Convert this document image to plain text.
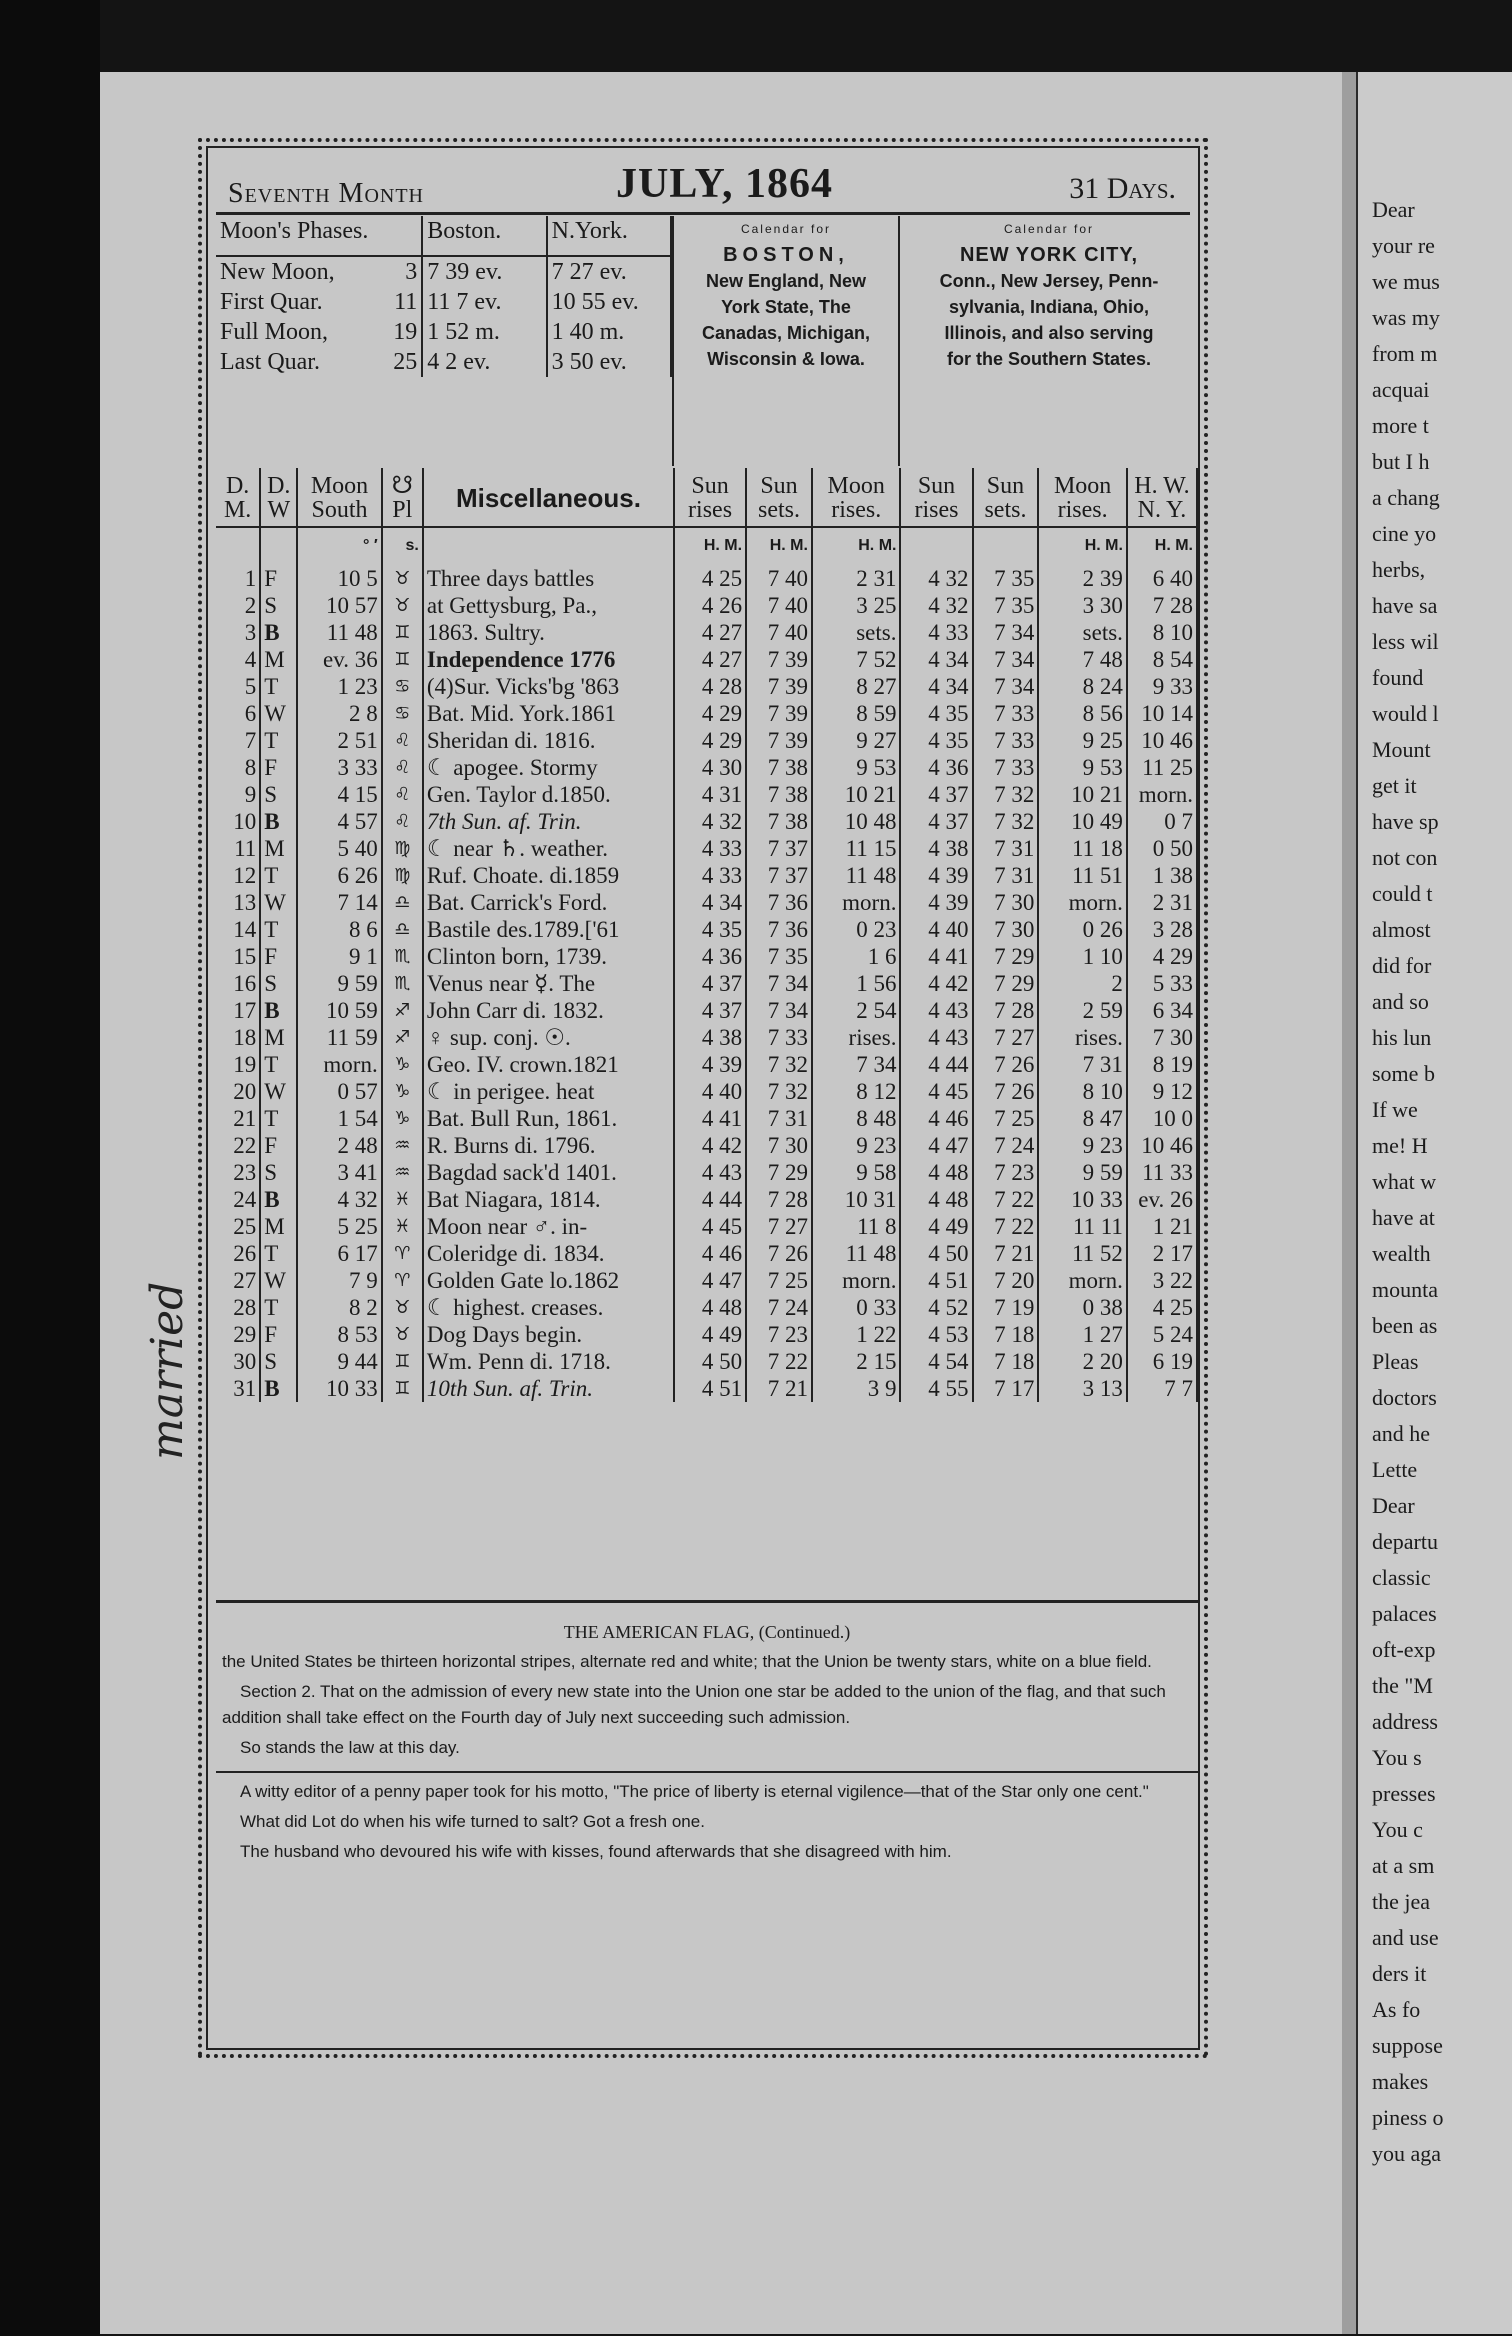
Dear
your re
we mus
was my
from m
acquai
more t
but I h
a chang
cine yo
herbs,
have sa
less wil
found
would l
Mount
get it
have sp
not con
could t
almost
did for
and so
his lun
some b
If we
me! H
what w
have at
wealth
mounta
been as
Pleas
doctors
and he
Lette
Dear
departu
classic
palaces
oft-exp
the "M
address
You s
presses
You c
at a sm
the jea
and use
ders it
As fo
suppose
makes
piness o
you aga
married
Seventh Month	JULY, 1864	31 Days.
Moon's Phases.	Boston.	N.York.
New Moon, 3	7 39 ev.	7 27 ev.
First Quar. 11	11 7 ev.	10 55 ev.
Full Moon, 19	1 52 m.	1 40 m.
Last Quar. 25	4 2 ev.	3 50 ev.
Calendar for
BOSTON,
New England, New
York State, The
Canadas, Michigan,
Wisconsin & Iowa.
Calendar for
NEW YORK CITY,
Conn., New Jersey, Penn-
sylvania, Indiana, Ohio,
Illinois, and also serving
for the Southern States.
D. M.	D. W	Moon South	☋ Pl	Miscellaneous.	Sun rises	Sun sets.	Moon rises.	Sun rises	Sun sets.	Moon rises.	H. W. N. Y.
		° ′	s.		H. M.	H. M.	H. M.			H. M.	H. M.
1	F	10 5	♉	Three days battles	4 25	7 40	2 31	4 32	7 35	2 39	6 40
2	S	10 57	♉	at Gettysburg, Pa.,	4 26	7 40	3 25	4 32	7 35	3 30	7 28
3	B	11 48	♊	1863. Sultry.	4 27	7 40	sets.	4 33	7 34	sets.	8 10
4	M	ev. 36	♊	Independence 1776	4 27	7 39	7 52	4 34	7 34	7 48	8 54
5	T	1 23	♋	(4)Sur. Vicks'bg '863	4 28	7 39	8 27	4 34	7 34	8 24	9 33
6	W	2 8	♋	Bat. Mid. York.1861	4 29	7 39	8 59	4 35	7 33	8 56	10 14
7	T	2 51	♌	Sheridan di. 1816.	4 29	7 39	9 27	4 35	7 33	9 25	10 46
8	F	3 33	♌	☾ apogee. Stormy	4 30	7 38	9 53	4 36	7 33	9 53	11 25
9	S	4 15	♌	Gen. Taylor d.1850.	4 31	7 38	10 21	4 37	7 32	10 21	morn.
10	B	4 57	♌	7th Sun. af. Trin.	4 32	7 38	10 48	4 37	7 32	10 49	0 7
11	M	5 40	♍	☾ near ♄. weather.	4 33	7 37	11 15	4 38	7 31	11 18	0 50
12	T	6 26	♍	Ruf. Choate. di.1859	4 33	7 37	11 48	4 39	7 31	11 51	1 38
13	W	7 14	♎	Bat. Carrick's Ford.	4 34	7 36	morn.	4 39	7 30	morn.	2 31
14	T	8 6	♎	Bastile des.1789.['61	4 35	7 36	0 23	4 40	7 30	0 26	3 28
15	F	9 1	♏	Clinton born, 1739.	4 36	7 35	1 6	4 41	7 29	1 10	4 29
16	S	9 59	♏	Venus near ☿. The	4 37	7 34	1 56	4 42	7 29	2	5 33
17	B	10 59	♐	John Carr di. 1832.	4 37	7 34	2 54	4 43	7 28	2 59	6 34
18	M	11 59	♐	♀ sup. conj. ☉.	4 38	7 33	rises.	4 43	7 27	rises.	7 30
19	T	morn.	♑	Geo. IV. crown.1821	4 39	7 32	7 34	4 44	7 26	7 31	8 19
20	W	0 57	♑	☾ in perigee. heat	4 40	7 32	8 12	4 45	7 26	8 10	9 12
21	T	1 54	♑	Bat. Bull Run, 1861.	4 41	7 31	8 48	4 46	7 25	8 47	10 0
22	F	2 48	♒	R. Burns di. 1796.	4 42	7 30	9 23	4 47	7 24	9 23	10 46
23	S	3 41	♒	Bagdad sack'd 1401.	4 43	7 29	9 58	4 48	7 23	9 59	11 33
24	B	4 32	♓	Bat Niagara, 1814.	4 44	7 28	10 31	4 48	7 22	10 33	ev. 26
25	M	5 25	♓	Moon near ♂. in-	4 45	7 27	11 8	4 49	7 22	11 11	1 21
26	T	6 17	♈	Coleridge di. 1834.	4 46	7 26	11 48	4 50	7 21	11 52	2 17
27	W	7 9	♈	Golden Gate lo.1862	4 47	7 25	morn.	4 51	7 20	morn.	3 22
28	T	8 2	♉	☾ highest. creases.	4 48	7 24	0 33	4 52	7 19	0 38	4 25
29	F	8 53	♉	Dog Days begin.	4 49	7 23	1 22	4 53	7 18	1 27	5 24
30	S	9 44	♊	Wm. Penn di. 1718.	4 50	7 22	2 15	4 54	7 18	2 20	6 19
31	B	10 33	♊	10th Sun. af. Trin.	4 51	7 21	3 9	4 55	7 17	3 13	7 7
THE AMERICAN FLAG, (Continued.)

the United States be thirteen horizontal stripes, alternate red and white; that the Union be twenty stars, white on a blue field.

Section 2. That on the admission of every new state into the Union one star be added to the union of the flag, and that such addition shall take effect on the Fourth day of July next succeeding such admission.

So stands the law at this day.

A witty editor of a penny paper took for his motto, "The price of liberty is eternal vigilence—that of the Star only one cent."

What did Lot do when his wife turned to salt? Got a fresh one.

The husband who devoured his wife with kisses, found afterwards that she disagreed with him.
